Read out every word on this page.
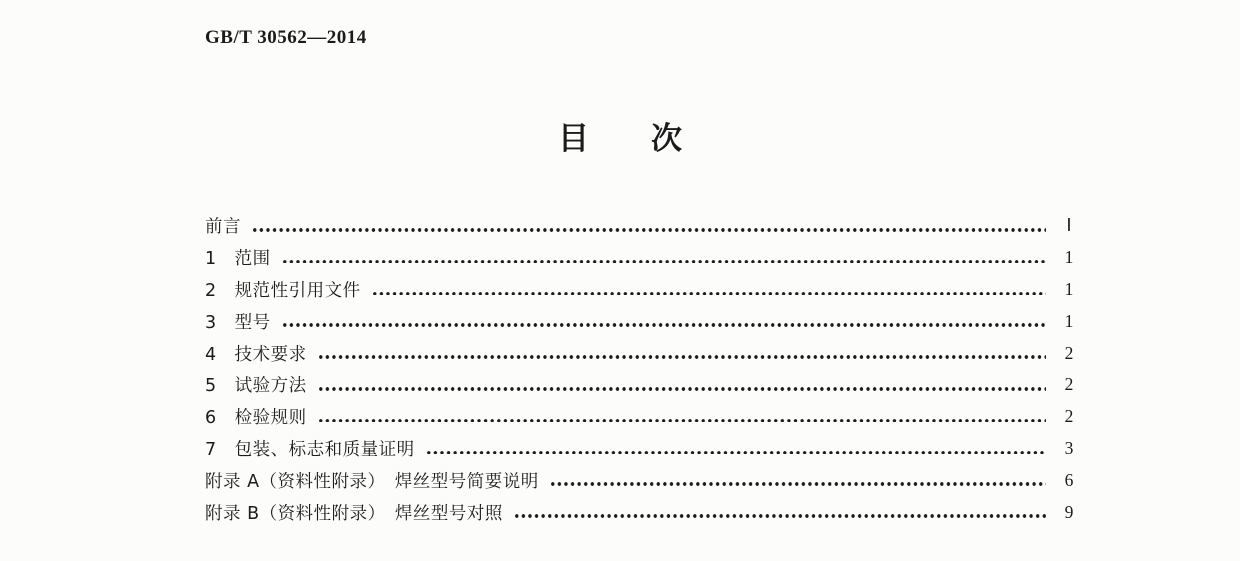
GB/T 30562—2014
目　　次
前言	Ⅰ
1　范围	1
2　规范性引用文件	1
3　型号	1
4　技术要求	2
5　试验方法	2
6　检验规则	2
7　包装、标志和质量证明	3
附录 A（资料性附录）　焊丝型号简要说明	6
附录 B（资料性附录）　焊丝型号对照	9
